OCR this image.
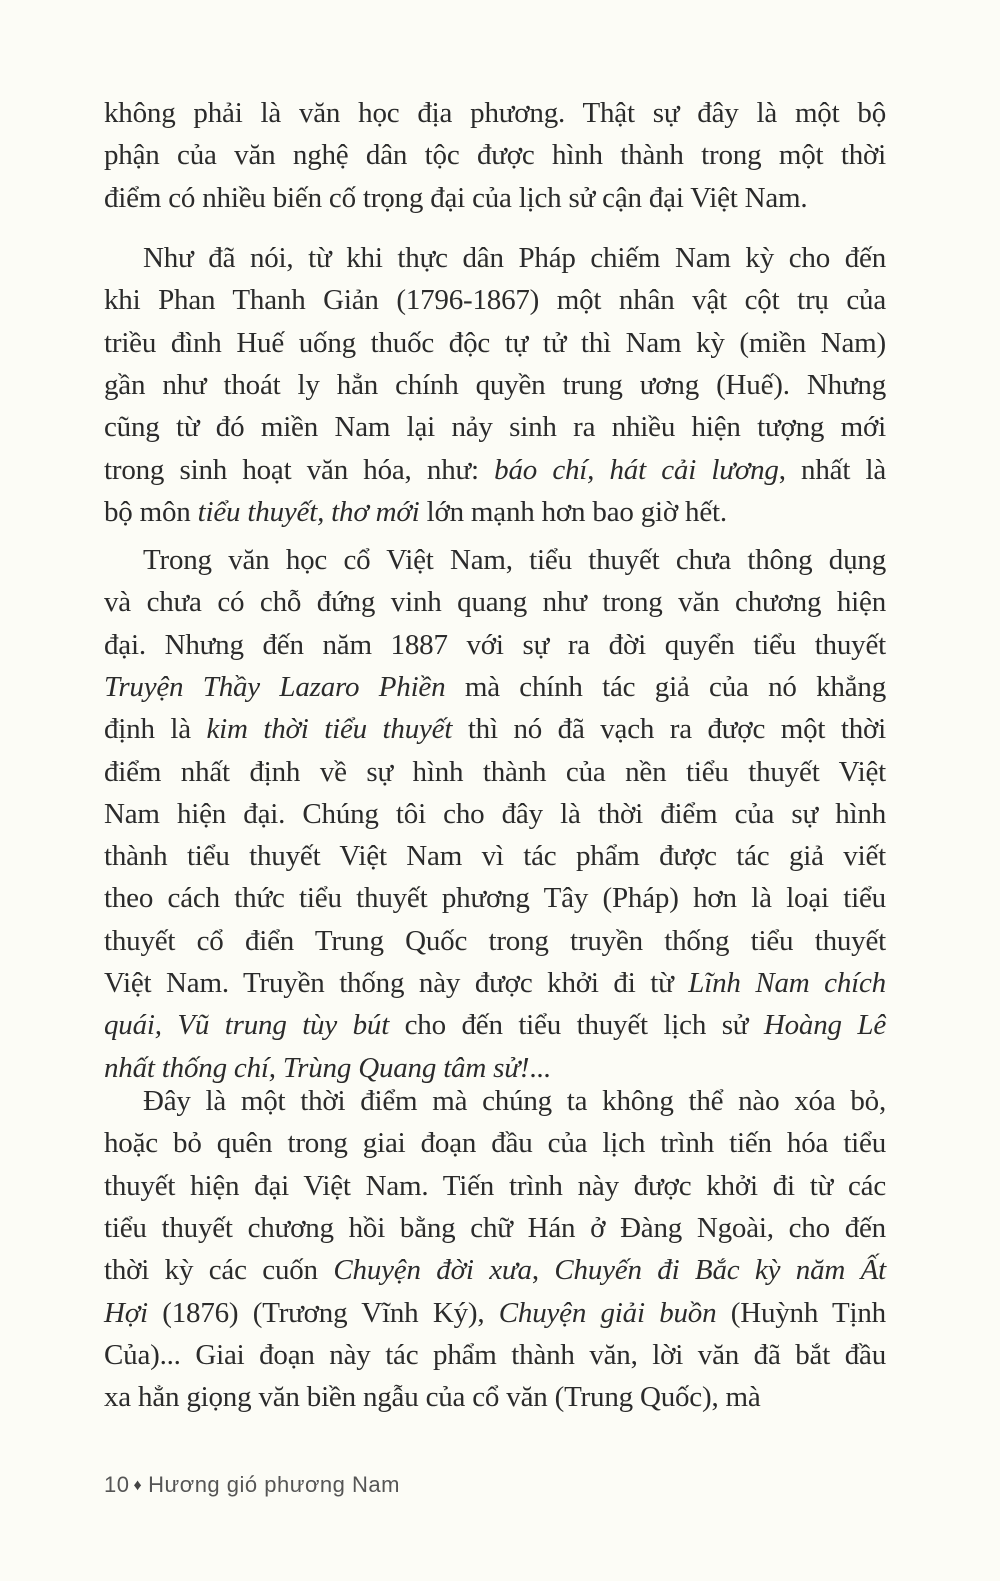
không phải là văn học địa phương. Thật sự đây là một bộ
phận của văn nghệ dân tộc được hình thành trong một thời
điểm có nhiều biến cố trọng đại của lịch sử cận đại Việt Nam.
Như đã nói, từ khi thực dân Pháp chiếm Nam kỳ cho đến
khi Phan Thanh Giản (1796-1867) một nhân vật cột trụ của
triều đình Huế uống thuốc độc tự tử thì Nam kỳ (miền Nam)
gần như thoát ly hẳn chính quyền trung ương (Huế). Nhưng
cũng từ đó miền Nam lại nảy sinh ra nhiều hiện tượng mới
trong sinh hoạt văn hóa, như: báo chí, hát cải lương, nhất là
bộ môn tiểu thuyết, thơ mới lớn mạnh hơn bao giờ hết.
Trong văn học cổ Việt Nam, tiểu thuyết chưa thông dụng
và chưa có chỗ đứng vinh quang như trong văn chương hiện
đại. Nhưng đến năm 1887 với sự ra đời quyển tiểu thuyết
Truyện Thầy Lazaro Phiền mà chính tác giả của nó khẳng
định là kim thời tiểu thuyết thì nó đã vạch ra được một thời
điểm nhất định về sự hình thành của nền tiểu thuyết Việt
Nam hiện đại. Chúng tôi cho đây là thời điểm của sự hình
thành tiểu thuyết Việt Nam vì tác phẩm được tác giả viết
theo cách thức tiểu thuyết phương Tây (Pháp) hơn là loại tiểu
thuyết cổ điển Trung Quốc trong truyền thống tiểu thuyết
Việt Nam. Truyền thống này được khởi đi từ Lĩnh Nam chích
quái, Vũ trung tùy bút cho đến tiểu thuyết lịch sử Hoàng Lê
nhất thống chí, Trùng Quang tâm sử!...
Đây là một thời điểm mà chúng ta không thể nào xóa bỏ,
hoặc bỏ quên trong giai đoạn đầu của lịch trình tiến hóa tiểu
thuyết hiện đại Việt Nam. Tiến trình này được khởi đi từ các
tiểu thuyết chương hồi bằng chữ Hán ở Đàng Ngoài, cho đến
thời kỳ các cuốn Chuyện đời xưa, Chuyến đi Bắc kỳ năm Ất
Hợi (1876) (Trương Vĩnh Ký), Chuyện giải buồn (Huỳnh Tịnh
Của)... Giai đoạn này tác phẩm thành văn, lời văn đã bắt đầu
xa hẳn giọng văn biền ngẫu của cổ văn (Trung Quốc), mà
10 ♦ Hương gió phương Nam
